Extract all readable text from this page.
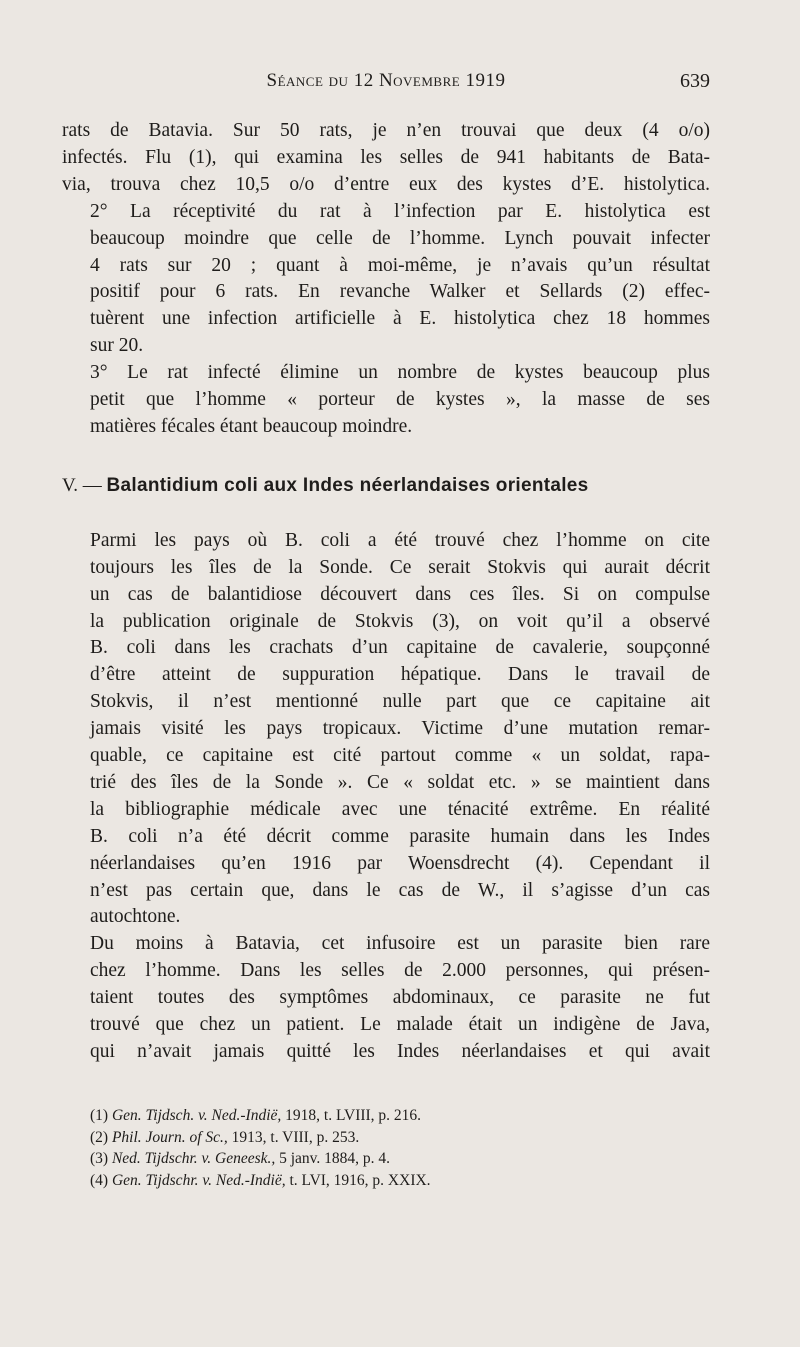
Séance du 12 Novembre 1919	639

rats de Batavia. Sur 50 rats, je n’en trouvai que deux (4 o/o)
infectés. Flu (1), qui examina les selles de 941 habitants de Bata-
via, trouva chez 10,5 o/o d’entre eux des kystes d’E. histolytica.

2° La réceptivité du rat à l’infection par E. histolytica est
beaucoup moindre que celle de l’homme. Lynch pouvait infecter
4 rats sur 20 ; quant à moi-même, je n’avais qu’un résultat
positif pour 6 rats. En revanche Walker et Sellards (2) effec-
tuèrent une infection artificielle à E. histolytica chez 18 hommes
sur 20.

3° Le rat infecté élimine un nombre de kystes beaucoup plus
petit que l’homme « porteur de kystes », la masse de ses
matières fécales étant beaucoup moindre.

V. — Balantidium coli aux Indes néerlandaises orientales

Parmi les pays où B. coli a été trouvé chez l’homme on cite
toujours les îles de la Sonde. Ce serait Stokvis qui aurait décrit
un cas de balantidiose découvert dans ces îles. Si on compulse
la publication originale de Stokvis (3), on voit qu’il a observé
B. coli dans les crachats d’un capitaine de cavalerie, soupçonné
d’être atteint de suppuration hépatique. Dans le travail de
Stokvis, il n’est mentionné nulle part que ce capitaine ait
jamais visité les pays tropicaux. Victime d’une mutation remar-
quable, ce capitaine est cité partout comme « un soldat, rapa-
trié des îles de la Sonde ». Ce « soldat etc. » se maintient dans
la bibliographie médicale avec une ténacité extrême. En réalité
B. coli n’a été décrit comme parasite humain dans les Indes
néerlandaises qu’en 1916 par Woensdrecht (4). Cependant il
n’est pas certain que, dans le cas de W., il s’agisse d’un cas
autochtone.

Du moins à Batavia, cet infusoire est un parasite bien rare
chez l’homme. Dans les selles de 2.000 personnes, qui présen-
taient toutes des symptômes abdominaux, ce parasite ne fut
trouvé que chez un patient. Le malade était un indigène de Java,
qui n’avait jamais quitté les Indes néerlandaises et qui avait

(1) Gen. Tijdsch. v. Ned.-Indië, 1918, t. LVIII, p. 216.
(2) Phil. Journ. of Sc., 1913, t. VIII, p. 253.
(3) Ned. Tijdschr. v. Geneesk., 5 janv. 1884, p. 4.
(4) Gen. Tijdschr. v. Ned.-Indië, t. LVI, 1916, p. XXIX.
